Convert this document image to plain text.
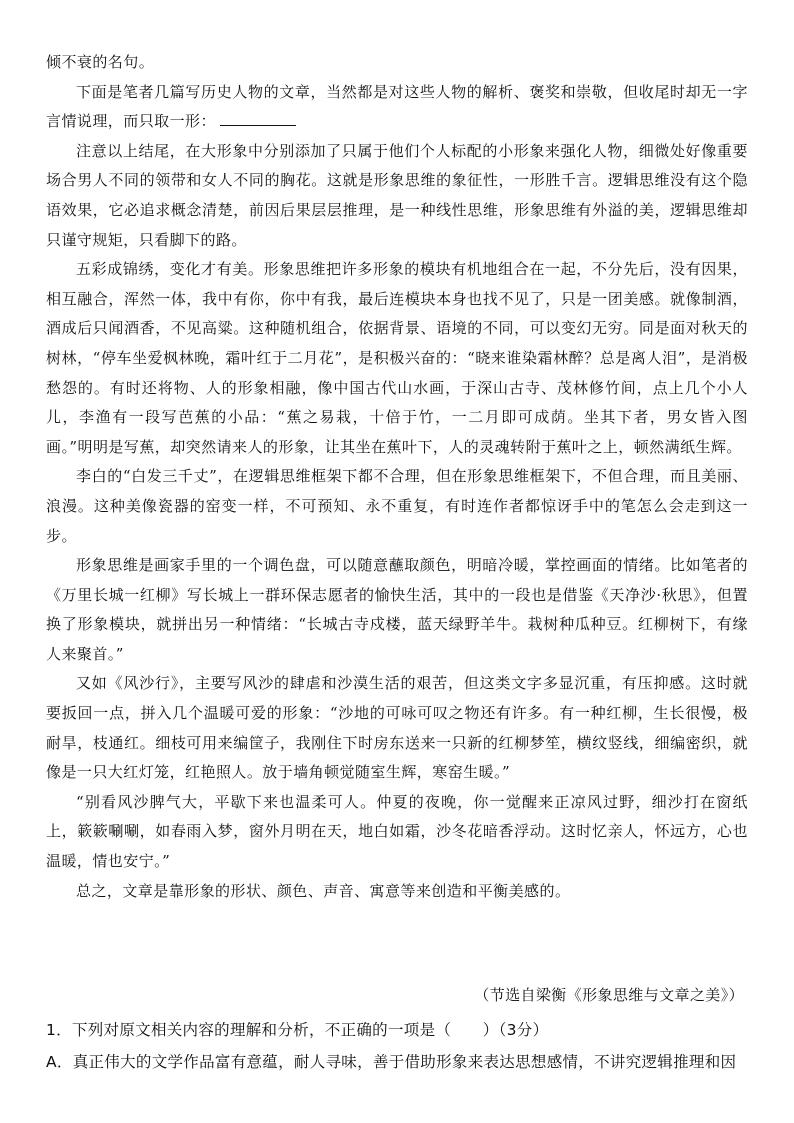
倾不衰的名句。

下面是笔者几篇写历史人物的文章，当然都是对这些人物的解析、褒奖和崇敬，但收尾时却无一字言情说理，而只取一形：

注意以上结尾，在大形象中分别添加了只属于他们个人标配的小形象来强化人物，细微处好像重要场合男人不同的领带和女人不同的胸花。这就是形象思维的象征性，一形胜千言。逻辑思维没有这个隐语效果，它必追求概念清楚，前因后果层层推理，是一种线性思维，形象思维有外溢的美，逻辑思维却只谨守规矩，只看脚下的路。

五彩成锦绣，变化才有美。形象思维把许多形象的模块有机地组合在一起，不分先后，没有因果，相互融合，浑然一体，我中有你，你中有我，最后连模块本身也找不见了，只是一团美感。就像制酒，酒成后只闻酒香，不见高粱。这种随机组合，依据背景、语境的不同，可以变幻无穷。同是面对秋天的树林，“停车坐爱枫林晚，霜叶红于二月花”，是积极兴奋的：“晓来谁染霜林醉？总是离人泪”，是消极愁怨的。有时还将物、人的形象相融，像中国古代山水画，于深山古寺、茂林修竹间，点上几个小人儿，李渔有一段写芭蕉的小品：“蕉之易栽，十倍于竹，一二月即可成荫。坐其下者，男女皆入图画。”明明是写蕉，却突然请来人的形象，让其坐在蕉叶下，人的灵魂转附于蕉叶之上，顿然满纸生辉。

李白的“白发三千丈”，在逻辑思维框架下都不合理，但在形象思维框架下，不但合理，而且美丽、浪漫。这种美像瓷器的窑变一样，不可预知、永不重复，有时连作者都惊讶手中的笔怎么会走到这一步。

形象思维是画家手里的一个调色盘，可以随意蘸取颜色，明暗冷暖，掌控画面的情绪。比如笔者的《万里长城一红柳》写长城上一群环保志愿者的愉快生活，其中的一段也是借鉴《天净沙·秋思》，但置换了形象模块，就拼出另一种情绪：“长城古寺戍楼，蓝天绿野羊牛。栽树种瓜种豆。红柳树下，有缘人来聚首。”

又如《风沙行》，主要写风沙的肆虐和沙漠生活的艰苦，但这类文字多显沉重，有压抑感。这时就要扳回一点，拼入几个温暖可爱的形象：“沙地的可咏可叹之物还有许多。有一种红柳，生长很慢，极耐旱，枝通红。细枝可用来编筐子，我刚住下时房东送来一只新的红柳梦笙，横纹竖线，细编密织，就像是一只大红灯笼，红艳照人。放于墙角顿觉随室生辉，寒窑生暖。”

“别看风沙脾气大，平歇下来也温柔可人。仲夏的夜晚，你一觉醒来正凉风过野，细沙打在窗纸上，簌簌唰唰，如春雨入梦，窗外月明在天，地白如霜，沙冬花暗香浮动。这时忆亲人，怀远方，心也温暖，情也安宁。”

总之，文章是靠形象的形状、颜色、声音、寓意等来创造和平衡美感的。

（节选自梁衡《形象思维与文章之美》）
1．下列对原文相关内容的理解和分析，不正确的一项是（　　）（3分）
A．真正伟大的文学作品富有意蕴，耐人寻味，善于借助形象来表达思想感情，不讲究逻辑推理和因
